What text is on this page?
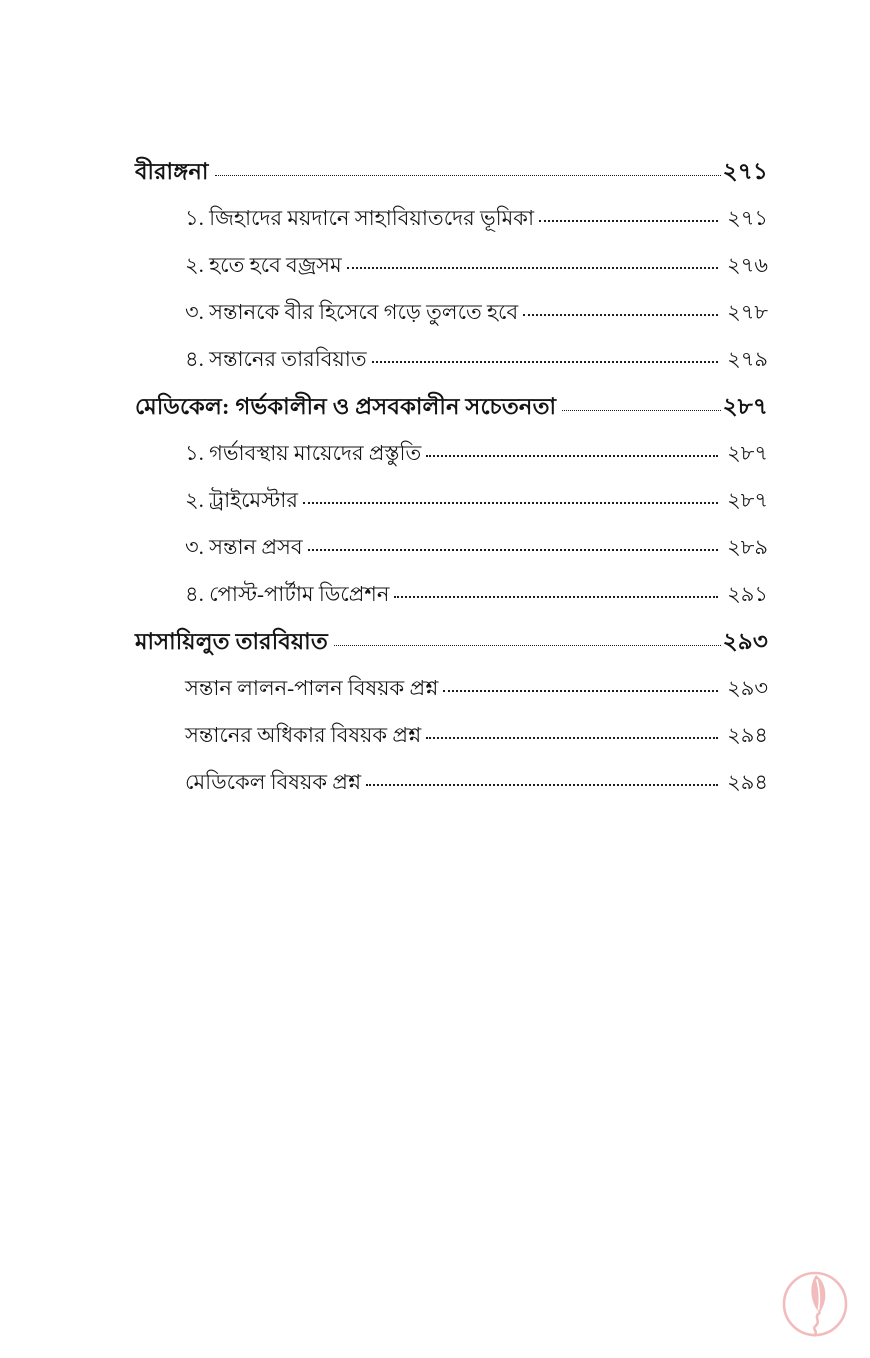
বীরাঙ্গনা	২৭১
১. জিহাদের ময়দানে সাহাবিয়াতদের ভূমিকা	২৭১
২. হতে হবে বজ্রসম	২৭৬
৩. সন্তানকে বীর হিসেবে গড়ে তুলতে হবে	২৭৮
৪. সন্তানের তারবিয়াত	২৭৯
মেডিকেল: গর্ভকালীন ও প্রসবকালীন সচেতনতা	২৮৭
১. গর্ভাবস্থায় মায়েদের প্রস্তুতি	২৮৭
২. ট্রাইমেস্টার	২৮৭
৩. সন্তান প্রসব	২৮৯
৪. পোস্ট-পার্টাম ডিপ্রেশন	২৯১
মাসায়িলুত তারবিয়াত	২৯৩
সন্তান লালন-পালন বিষয়ক প্রশ্ন	২৯৩
সন্তানের অধিকার বিষয়ক প্রশ্ন	২৯৪
মেডিকেল বিষয়ক প্রশ্ন	২৯৪
